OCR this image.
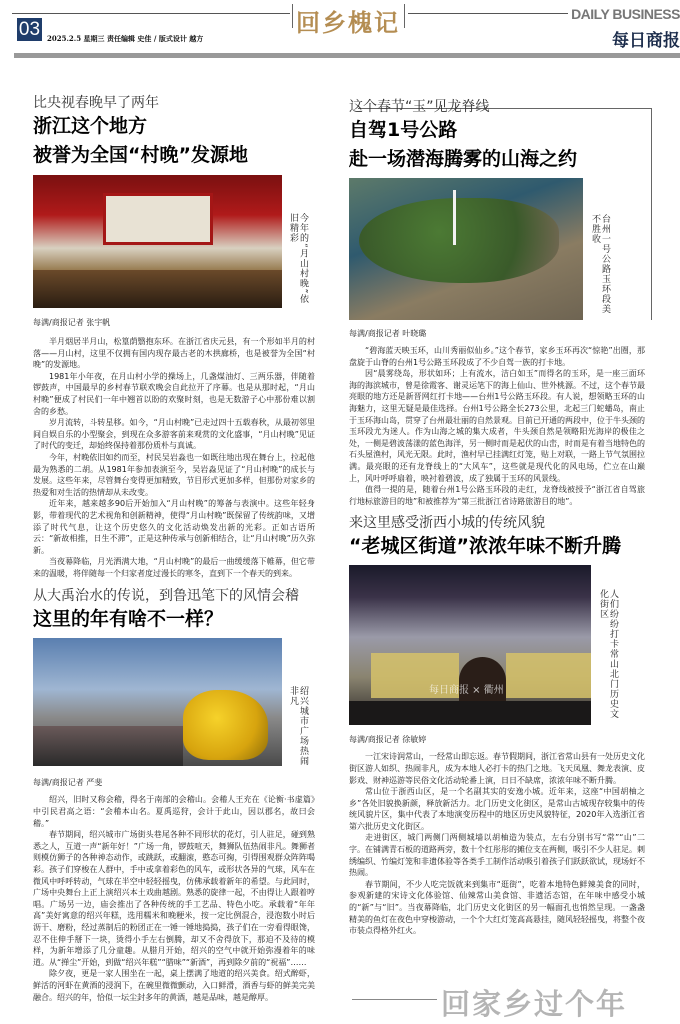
回乡槐记
03 2025.2.5 星期三 责任编辑 史佳 / 版式设计 越方
DAILY BUSINESS
每日商报
比央视春晚早了两年
浙江这个地方
被誉为全国“村晚”发源地
今年的“月山村晚”依旧精彩
每满/商报记者 张宇帆

半月烟居半月山，松篁荫翳抱东环。在浙江省庆元县，有一个形如半月的村落——月山村，这里不仅拥有国内现存最古老的木拱廊桥，也是被誉为全国“村晚”的发源地。

1981年小年夜，在月山村小学的操场上，几盏煤油灯、三两乐器，伴随着锣鼓声，中国最早的乡村春节联欢晚会自此拉开了序幕。也是从那时起，“月山村晚”便成了村民们一年中翘首以盼的欢聚时刻，也是无数游子心中那份难以割舍的乡愁。

岁月流转，斗转星移。如今，“月山村晚”已走过四十五载春秋，从最初邻里间自娱自乐的小型聚会，到现在众多游客前来观赏的文化盛事，“月山村晚”见证了时代的变迁，却始终保持着那份质朴与真诚。

今年，村晚依旧如约而至，村民吴岩淼也一如既往地出现在舞台上，拉起他最为熟悉的二胡。从1981年参加表演至今，吴岩淼见证了“月山村晚”的成长与发展。这些年来，尽管舞台变得更加精致，节目形式更加多样，但那份对家乡的热爱和对生活的热情却从未改变。

近年来，越来越多90后开始加入“月山村晚”的筹备与表演中。这些年轻身影，带着现代的艺术视角和创新精神，使得“月山村晚”既保留了传统韵味，又增添了时代气息，让这个历史悠久的文化活动焕发出新的光彩。正如古语所云：“新故相推，日生不滞”，正是这种传承与创新相结合，让“月山村晚”历久弥新。

当夜幕降临，月光洒满大地，“月山村晚”的最后一曲缓缓落下帷幕，但它带来的温暖，将伴随每一个归家者度过漫长的寒冬，直到下一个春天的到来。

从大禹治水的传说，到鲁迅笔下的风情会稽
这里的年有啥不一样？
绍兴城市广场热闹非凡
每满/商报记者 严斐

绍兴，旧时又称会稽，得名于南部的会稽山。会稽人王充在《论衡·书虚篇》中引民君高之语：“会稽本山名。夏禹巡狩，会计于此山，因以郡名，故曰会稽。”

春节期间，绍兴城市广场街头巷尾各种不同形状的花灯，引人驻足，碰到熟悉之人，互道一声“新年好！”广场一角，锣鼓喧天，舞狮队伍热闹非凡。舞狮者则模仿狮子的各种神态动作，或跳跃，或翻滚，憨态可掬，引得围观群众阵阵喝彩。孩子们穿梭在人群中，手中或拿着彩色的风车，或形状各异的气球，风车在微风中呼呼转动，气球在半空中轻轻摇曳，仿佛承载着新年的希望。与此同时，广场中央舞台上正上演绍兴本土戏曲越剧。熟悉的旋律一起，不由得让人跟着哼唱。广场另一边，庙会推出了各种传统的手工艺品、特色小吃。承载着“年年高”美好寓意的绍兴年糕，选用糯米和晚粳米，按一定比例混合，浸泡数小时后沥干、磨粉，经过蒸制后的粉团正在一锤一锤地捣捣，孩子们在一旁看得眼馋，忍不住伸手掰下一块，烫得小手左右倒腾，却又不舍得放下，那迫不及待的模样，为新年增添了几分童趣。从腊月开始，绍兴的空气中就开始弥漫着年的味道。从“掸尘”开始，到做“绍兴年糕”“腊味”“新酒”，再到除夕前的“祝福”……

除夕夜，更是一家人围坐在一起，桌上摆满了地道的绍兴美食。绍式醉虾，鲜活的河虾在黄酒的浸润下，在碗里微微颤动，入口鲜滑，酒香与虾的鲜美完美融合。绍兴的年，恰似一坛尘封多年的黄酒，越是品味，越是醇厚。

这个春节“玉”见龙脊线
自驾1号公路
赴一场潜海腾雾的山海之约
台州一号公路玉环段美不胜收
每满/商报记者 叶晓璐

“碧海蓝天映玉环，山川秀丽似仙乡。”这个春节，家乡玉环再次“惊艳”出圈，那盘旋于山脊的台州1号公路玉环段成了不少自驾一族的打卡地。

因“晨雾绕岛，形状如环；上有流水，洁白如玉”而得名的玉环，是一座三面环海的海滨城市，曾是徐霞客、谢灵运笔下的海上仙山、世外桃源。不过，这个春节最亮眼的地方还是新晋网红打卡地——台州1号公路玉环段。有人说，想领略玉环的山海魅力，这里无疑是最佳选择。台州1号公路全长273公里，北起三门蛇蟠岛，南止于玉环海山岛，贯穿了台州最壮丽的自然景观。目前已开通的两段中，位于牛头颈的玉环段尤为迷人。作为山海之城的集大成者，牛头颈自然是领略阳光海岸的极佳之处，一侧是碧波荡漾的蓝色海洋，另一侧时而是起伏的山峦，时而是有着当地特色的石头屋渔村，风光无限。此时，渔村早已挂满红灯笼，贴上对联，一路上节气氛围拉满。最亮眼的还有龙脊线上的“大风车”，这些就是现代化的风电场，伫立在山巅上，风叶呼呼扇着，映衬着碧波，成了独属于玉环的风景线。

值得一提的是，随着台州1号公路玉环段的走红，龙脊线被授予“浙江省自驾旅行地标旅游目的地”和被推荐为“第三批浙江省诗路旅游目的地”。

来这里感受浙西小城的传统风貌
“老城区街道”浓浓年味不断升腾
每日商报 × 衢州	人们纷纷打卡常山北门历史文化街区
每满/商报记者 徐敏婷

一江宋诗润常山，一经常山即忘返。春节假期间，浙江省常山县有一处历史文化街区游人如织、热闹非凡，成为本地人必打卡的热门之地。飞天凤凰、舞龙表演、皮影戏、财神巡游等民俗文化活动轮番上演，日日不缺席，浓浓年味不断升腾。

常山位于浙西山区，是一个名副其实的安逸小城。近年来，这座“中国胡柚之乡”各处旧貌换新颜，释放新活力。北门历史文化街区，是常山古城现存较集中的传统风貌片区，集中代表了本地演变历程中的地区历史风貌特征，2020年入选浙江省第六批历史文化街区。

走进街区，城门两侧门两侧城墙以胡柚造为装点，左右分别书写“常”“山”二字。在铺满青石板的道路两旁，数十个红彤彤的摊位支在两侧，吸引不少人驻足。刺绣编织、竹编灯笼和非遗体验等各类手工制作活动吸引着孩子们跃跃欲试，现场好不热闹。

春节期间，不少人吃完饭就来到集市“逛街”，吃着本地特色鲜辣美食的同时，参观新建的宋诗文化体验馆、仙辣常山美食馆、非遗活态馆，在年味中感受小城的“新”与“旧”。当夜幕降临，北门历史文化街区的另一幅面孔也悄然呈现。一盏盏精美的鱼灯在夜色中穿梭游动，一个个大红灯笼高高悬挂，随风轻轻摇曳，将整个夜市装点得格外红火。

回家乡过个年
